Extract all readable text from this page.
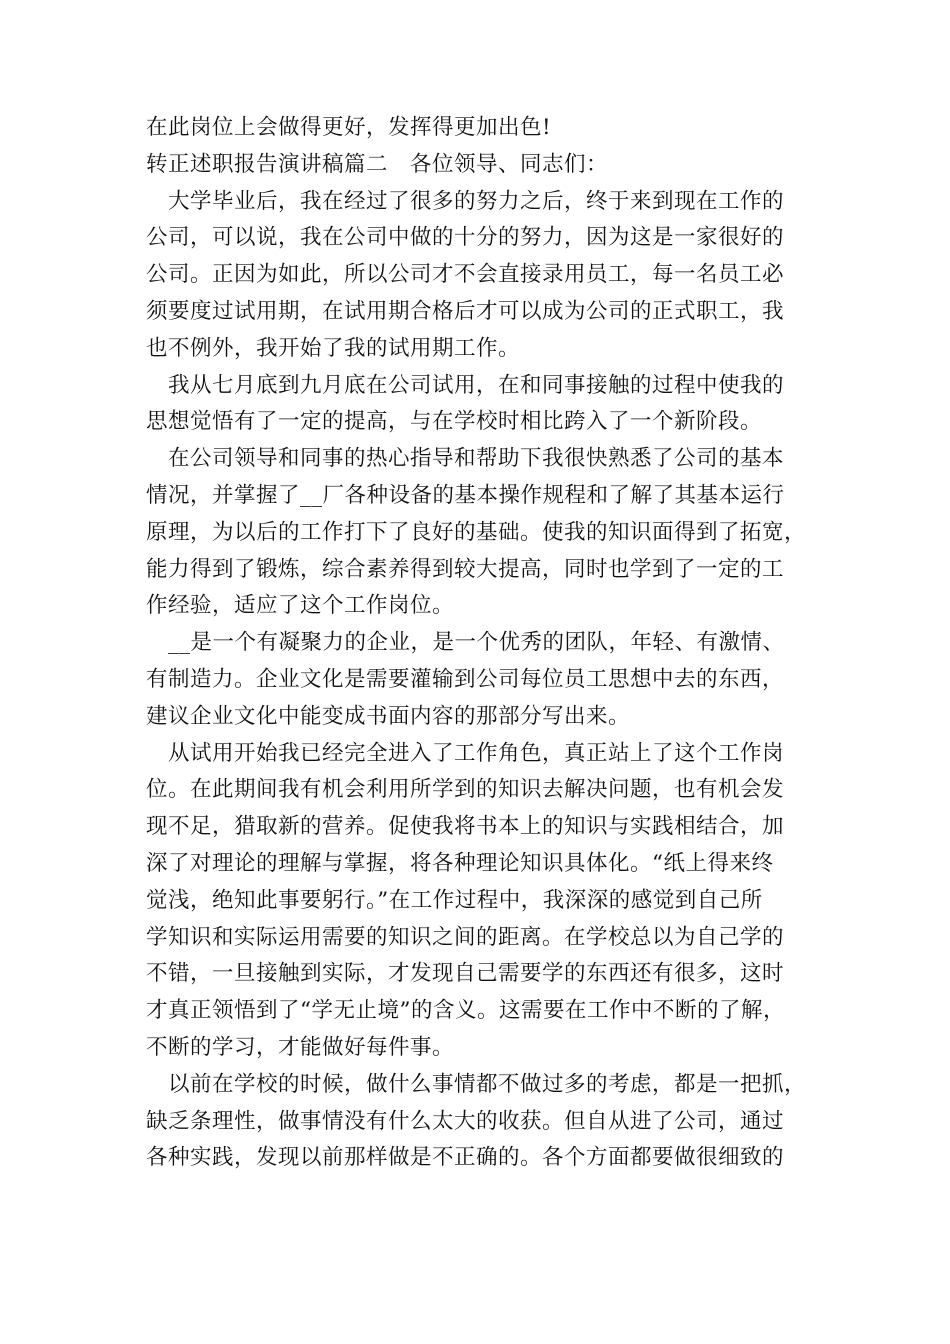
在此岗位上会做得更好，发挥得更加出色!
转正述职报告演讲稿篇二　各位领导、同志们：
大学毕业后，我在经过了很多的努力之后，终于来到现在工作的
公司，可以说，我在公司中做的十分的努力，因为这是一家很好的
公司。正因为如此，所以公司才不会直接录用员工，每一名员工必
须要度过试用期，在试用期合格后才可以成为公司的正式职工，我
也不例外，我开始了我的试用期工作。
我从七月底到九月底在公司试用，在和同事接触的过程中使我的
思想觉悟有了一定的提高，与在学校时相比跨入了一个新阶段。
在公司领导和同事的热心指导和帮助下我很快熟悉了公司的基本
情况，并掌握了__厂各种设备的基本操作规程和了解了其基本运行
原理，为以后的工作打下了良好的基础。使我的知识面得到了拓宽，
能力得到了锻炼，综合素养得到较大提高，同时也学到了一定的工
作经验，适应了这个工作岗位。
__是一个有凝聚力的企业，是一个优秀的团队，年轻、有激情、
有制造力。企业文化是需要灌输到公司每位员工思想中去的东西，
建议企业文化中能变成书面内容的那部分写出来。
从试用开始我已经完全进入了工作角色，真正站上了这个工作岗
位。在此期间我有机会利用所学到的知识去解决问题，也有机会发
现不足，猎取新的营养。促使我将书本上的知识与实践相结合，加
深了对理论的理解与掌握，将各种理论知识具体化。“纸上得来终
觉浅，绝知此事要躬行。”在工作过程中，我深深的感觉到自己所
学知识和实际运用需要的知识之间的距离。在学校总以为自己学的
不错，一旦接触到实际，才发现自己需要学的东西还有很多，这时
才真正领悟到了“学无止境”的含义。这需要在工作中不断的了解，
不断的学习，才能做好每件事。
以前在学校的时候，做什么事情都不做过多的考虑，都是一把抓，
缺乏条理性，做事情没有什么太大的收获。但自从进了公司，通过
各种实践，发现以前那样做是不正确的。各个方面都要做很细致的
